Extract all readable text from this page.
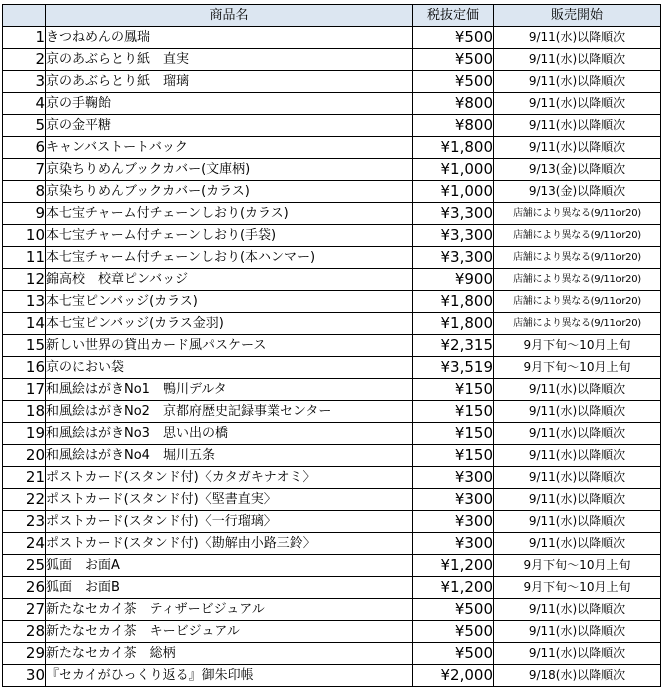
	商品名	税抜定価	販売開始
1	きつねめんの鳳瑞	¥500	9/11(水)以降順次
2	京のあぶらとり紙　直実	¥500	9/11(水)以降順次
3	京のあぶらとり紙　瑠璃	¥500	9/11(水)以降順次
4	京の手鞠飴	¥800	9/11(水)以降順次
5	京の金平糖	¥800	9/11(水)以降順次
6	キャンバストートバック	¥1,800	9/11(水)以降順次
7	京染ちりめんブックカバー(文庫柄)	¥1,000	9/13(金)以降順次
8	京染ちりめんブックカバー(カラス)	¥1,000	9/13(金)以降順次
9	本七宝チャーム付チェーンしおり(カラス)	¥3,300	店舗により異なる(9/11or20)
10	本七宝チャーム付チェーンしおり(手袋)	¥3,300	店舗により異なる(9/11or20)
11	本七宝チャーム付チェーンしおり(本ハンマー)	¥3,300	店舗により異なる(9/11or20)
12	錦高校　校章ピンバッジ	¥900	店舗により異なる(9/11or20)
13	本七宝ピンバッジ(カラス)	¥1,800	店舗により異なる(9/11or20)
14	本七宝ピンバッジ(カラス金羽)	¥1,800	店舗により異なる(9/11or20)
15	新しい世界の貸出カード風パスケース	¥2,315	9月下旬～10月上旬
16	京のにおい袋	¥3,519	9月下旬～10月上旬
17	和風絵はがきNo1　鴨川デルタ	¥150	9/11(水)以降順次
18	和風絵はがきNo2　京都府歴史記録事業センター	¥150	9/11(水)以降順次
19	和風絵はがきNo3　思い出の橋	¥150	9/11(水)以降順次
20	和風絵はがきNo4　堀川五条	¥150	9/11(水)以降順次
21	ポストカード(スタンド付)〈カタガキナオミ〉	¥300	9/11(水)以降順次
22	ポストカード(スタンド付)〈堅書直実〉	¥300	9/11(水)以降順次
23	ポストカード(スタンド付)〈一行瑠璃〉	¥300	9/11(水)以降順次
24	ポストカード(スタンド付)〈勘解由小路三鈴〉	¥300	9/11(水)以降順次
25	狐面　お面A	¥1,200	9月下旬～10月上旬
26	狐面　お面B	¥1,200	9月下旬～10月上旬
27	新たなセカイ茶　ティザービジュアル	¥500	9/11(水)以降順次
28	新たなセカイ茶　キービジュアル	¥500	9/11(水)以降順次
29	新たなセカイ茶　総柄	¥500	9/11(水)以降順次
30	『セカイがひっくり返る』御朱印帳	¥2,000	9/18(水)以降順次
